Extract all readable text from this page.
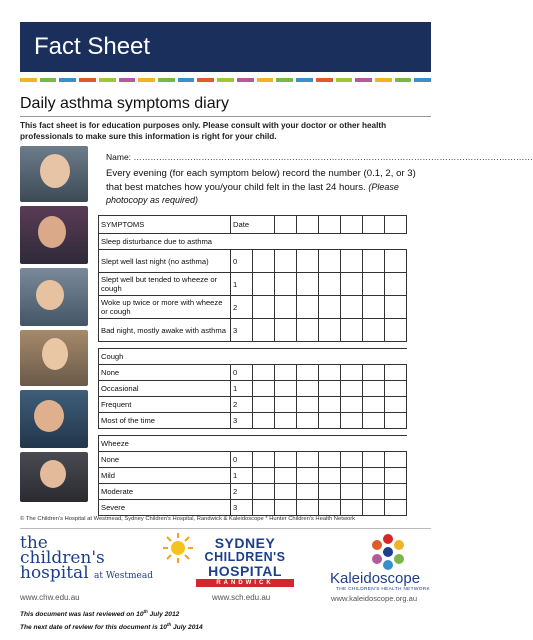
Fact Sheet
Daily asthma symptoms diary
This fact sheet is for education purposes only. Please consult with your doctor or other health professionals to make sure this information is right for your child.
Name: ……………………………………………………………………………………………………………………………
Every evening (for each symptom below) record the number (0.1, 2, or 3) that best matches how you/your child felt in the last 24 hours. (Please photocopy as required)
SYMPTOMS	Date							
Sleep disturbance due to asthma								
Slept well last night (no asthma)	0							
Slept well but tended to wheeze or cough	1							
Woke up twice or more with wheeze or cough	2							
Bad night, mostly awake with asthma	3							

Cough								
None	0							
Occasional	1							
Frequent	2							
Most of the time	3							

Wheeze								
None	0							
Mild	1							
Moderate	2							
Severe	3							
© The Children's Hospital at Westmead, Sydney Children's Hospital, Randwick & Kaleidoscope * Hunter Children's Health Network
the
children's
hospital at Westmead
www.chw.edu.au
SYDNEY
CHILDREN'S
HOSPITAL
RANDWICK
www.sch.edu.au
Kaleidoscope
THE CHILDREN'S HEALTH NETWORK
www.kaleidoscope.org.au
This document was last reviewed on 10th July 2012
The next date of review for this document is 10th July 2014
